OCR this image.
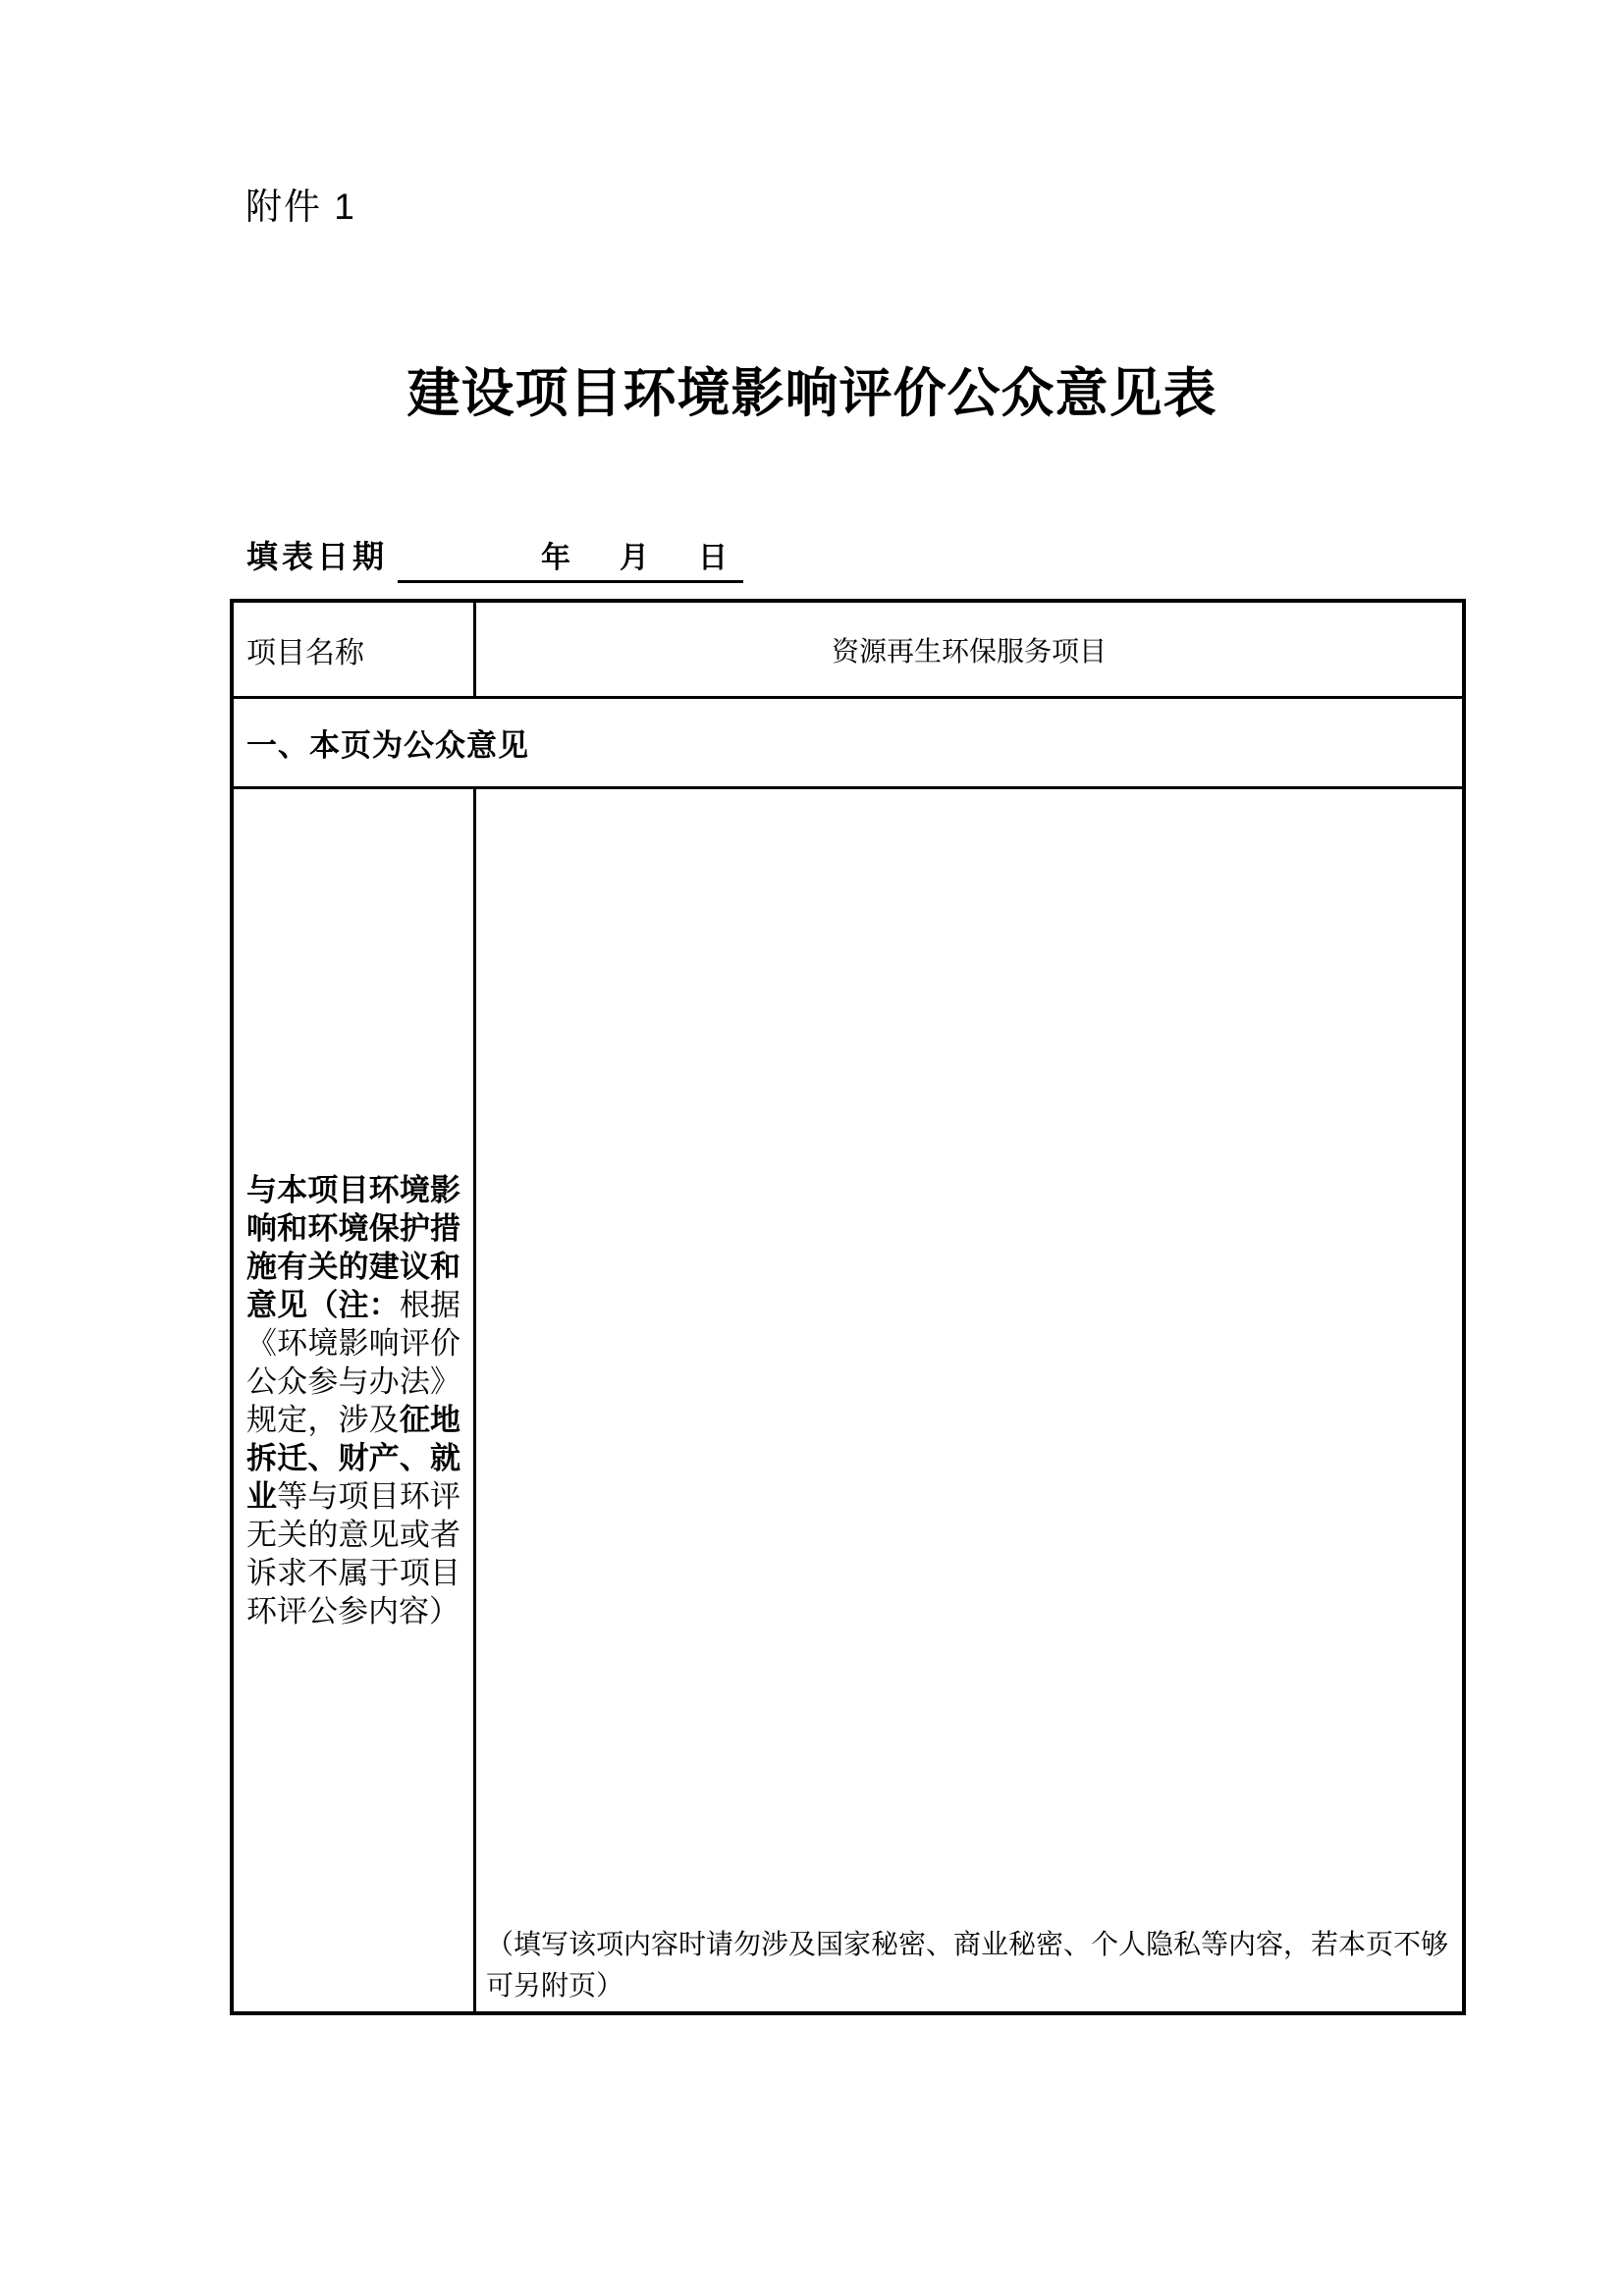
附件 1
建设项目环境影响评价公众意见表
填表日期	年 月 日
项目名称	资源再生环保服务项目
一、本页为公众意见
与本项目环境影响和环境保护措施有关的建议和意见（注：根据《环境影响评价公众参与办法》规定，涉及征地拆迁、财产、就业等与项目环评无关的意见或者诉求不属于项目环评公参内容）
（填写该项内容时请勿涉及国家秘密、商业秘密、个人隐私等内容，若本页不够可另附页）
